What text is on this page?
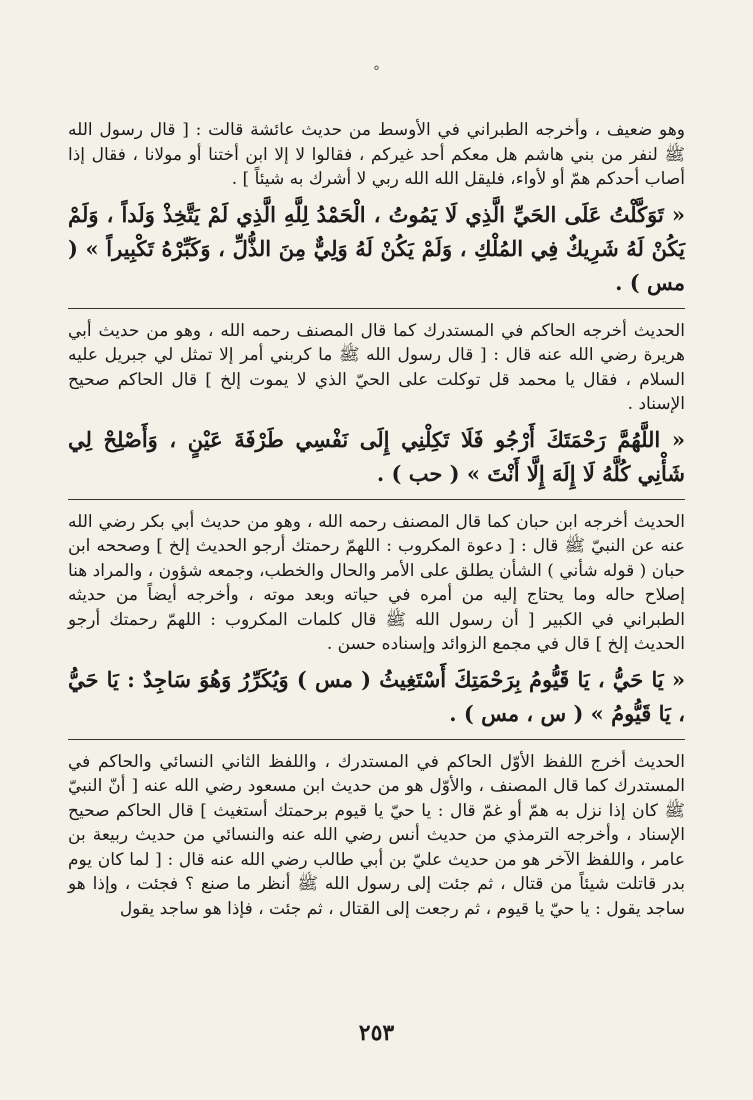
°

وهو ضعيف ، وأخرجه الطبراني في الأوسط من حديث عائشة قالت : [ قال رسول الله ﷺ لنفر من بني هاشم هل معكم أحد غيركم ، فقالوا لا إلا ابن أختنا أو مولانا ، فقال إذا أصاب أحدكم همّ أو لأواء، فليقل الله الله ربي لا أشرك به شيئاً ] .

« تَوَكَّلْتُ عَلَى الحَيِّ الَّذِي لَا يَمُوتُ ، الْحَمْدُ لِلَّهِ الَّذِي لَمْ يَتَّخِذْ وَلَداً ، وَلَمْ يَكُنْ لَهُ شَرِيكٌ فِي المُلْكِ ، وَلَمْ يَكُنْ لَهُ وَلِيٌّ مِنَ الذُّلِّ ، وَكَبِّرْهُ تَكْبِيراً » ( مس ) .

الحديث أخرجه الحاكم في المستدرك كما قال المصنف رحمه الله ، وهو من حديث أبي هريرة رضي الله عنه قال : [ قال رسول الله ﷺ ما كربني أمر إلا تمثل لي جبريل عليه السلام ، فقال يا محمد قل توكلت على الحيّ الذي لا يموت إلخ ] قال الحاكم صحيح الإسناد .

« اللَّهُمَّ رَحْمَتَكَ أَرْجُو فَلَا تَكِلْنِي إِلَى نَفْسِي طَرْفَةَ عَيْنٍ ، وَأَصْلِحْ لِي شَأْنِي كُلَّهُ لَا إِلَهَ إِلَّا أَنْتَ » ( حب ) .

الحديث أخرجه ابن حبان كما قال المصنف رحمه الله ، وهو من حديث أبي بكر رضي الله عنه عن النبيّ ﷺ قال : [ دعوة المكروب : اللهمّ رحمتك أرجو الحديث إلخ ] وصححه ابن حبان ( قوله شأني ) الشأن يطلق على الأمر والحال والخطب، وجمعه شؤون ، والمراد هنا إصلاح حاله وما يحتاج إليه من أمره في حياته وبعد موته ، وأخرجه أيضاً من حديثه الطبراني في الكبير [ أن رسول الله ﷺ قال كلمات المكروب : اللهمّ رحمتك أرجو الحديث إلخ ] قال في مجمع الزوائد وإسناده حسن .

« يَا حَيُّ ، يَا قَيُّومُ بِرَحْمَتِكَ أَسْتَغِيثُ ( مس ) وَيُكَرِّرُ وَهُوَ سَاجِدٌ : يَا حَيُّ ، يَا قَيُّومُ » ( س ، مس ) .

الحديث أخرج اللفظ الأوّل الحاكم في المستدرك ، واللفظ الثاني النسائي والحاكم في المستدرك كما قال المصنف ، والأوّل هو من حديث ابن مسعود رضي الله عنه [ أنّ النبيّ ﷺ كان إذا نزل به همّ أو غمّ قال : يا حيّ يا قيوم برحمتك أستغيث ] قال الحاكم صحيح الإسناد ، وأخرجه الترمذي من حديث أنس رضي الله عنه والنسائي من حديث ربيعة بن عامر ، واللفظ الآخر هو من حديث عليّ بن أبي طالب رضي الله عنه قال : [ لما كان يوم بدر قاتلت شيئاً من قتال ، ثم جئت إلى رسول الله ﷺ أنظر ما صنع ؟ فجئت ، وإذا هو ساجد يقول : يا حيّ يا قيوم ، ثم رجعت إلى القتال ، ثم جئت ، فإذا هو ساجد يقول

٢٥٣
